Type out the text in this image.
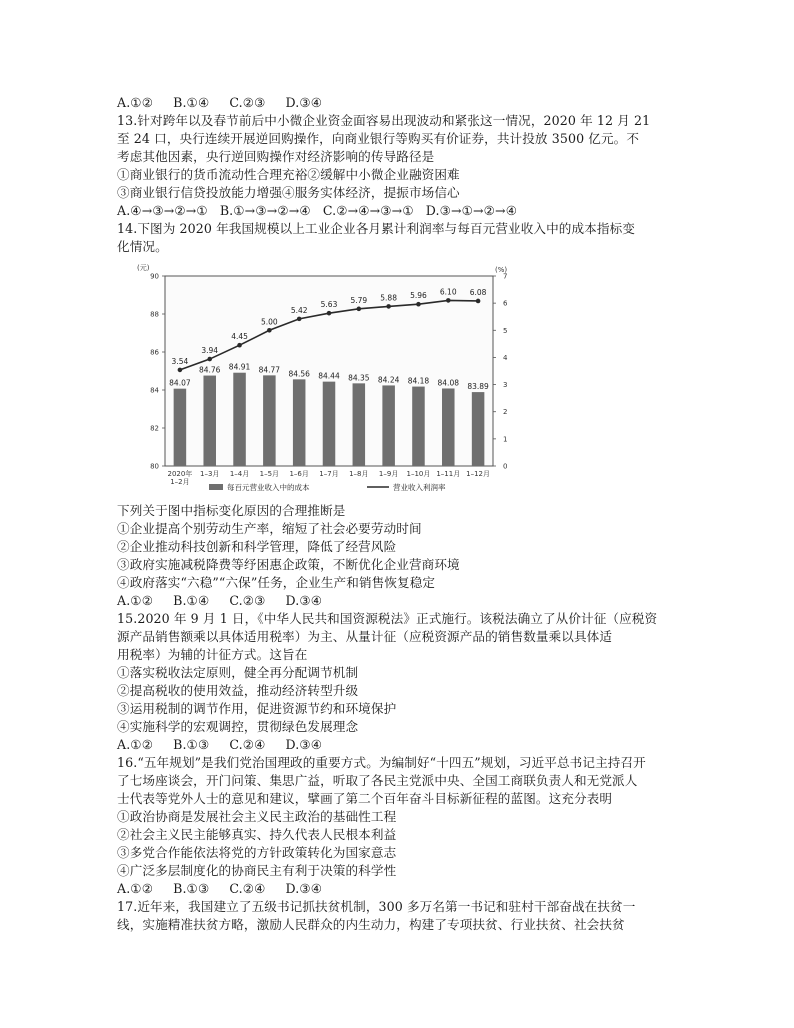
A.①② B.①④ C.②③ D.③④
13.针对跨年以及春节前后中小微企业资金面容易出现波动和紧张这一情况，2020 年 12 月 21
至 24 口，央行连续开展逆回购操作，向商业银行等购买有价证券，共计投放 3500 亿元。不
考虑其他因素，央行逆回购操作对经济影响的传导路径是
①商业银行的货币流动性合理充裕②缓解中小微企业融资困难
③商业银行信贷投放能力增强④服务实体经济，提振市场信心
A.④→③→②→① B.①→③→②→④ C.②→④→③→① D.③→①→②→④
14.下图为 2020 年我国规模以上工业企业各月累计利润率与每百元营业收入中的成本指标变
化情况。
84.07
84.76 84.91 84.77 84.56 84.44 84.35 84.24 84.18 84.08 83.89
3.54
3.94
4.45
5.00
5.42
5.63 5.79 5.88 5.96 6.10 6.08
80
82
84
86
88
90
0
1
2
3
4
5
6
7
(元)	(%)
2020年
1–2月
1–3月 1–4月 1–5月 1–6月 1–7月 1–8月 1–9月 1–10月 1–11月 1–12月
每百元营业收入中的成本	营业收入利润率
下列关于图中指标变化原因的合理推断是
①企业提高个别劳动生产率，缩短了社会必要劳动时间
②企业推动科技创新和科学管理，降低了经营风险
③政府实施减税降费等纾困惠企政策，不断优化企业营商环境
④政府落实“六稳”“六保”任务，企业生产和销售恢复稳定
A.①② B.①④ C.②③ D.③④
15.2020 年 9 月 1 日，《中华人民共和国资源税法》正式施行。该税法确立了从价计征（应税资
源产品销售额乘以具体适用税率）为主、从量计征（应税资源产品的销售数量乘以具体适
用税率）为辅的计征方式。这旨在
①落实税收法定原则，健全再分配调节机制
②提高税收的使用效益，推动经济转型升级
③运用税制的调节作用，促进资源节约和环境保护
④实施科学的宏观调控，贯彻绿色发展理念
A.①② B.①③ C.②④ D.③④
16.“五年规划”是我们党治国理政的重要方式。为编制好“十四五”规划，习近平总书记主持召开
了七场座谈会，开门问策、集思广益，听取了各民主党派中央、全国工商联负责人和无党派人
士代表等党外人士的意见和建议，擘画了第二个百年奋斗目标新征程的蓝图。这充分表明
①政治协商是发展社会主义民主政治的基础性工程
②社会主义民主能够真实、持久代表人民根本利益
③多党合作能依法将党的方针政策转化为国家意志
④广泛多层制度化的协商民主有利于决策的科学性
A.①② B.①③ C.②④ D.③④
17.近年来，我国建立了五级书记抓扶贫机制，300 多万名第一书记和驻村干部奋战在扶贫一
线，实施精准扶贫方略，激励人民群众的内生动力，构建了专项扶贫、行业扶贫、社会扶贫
